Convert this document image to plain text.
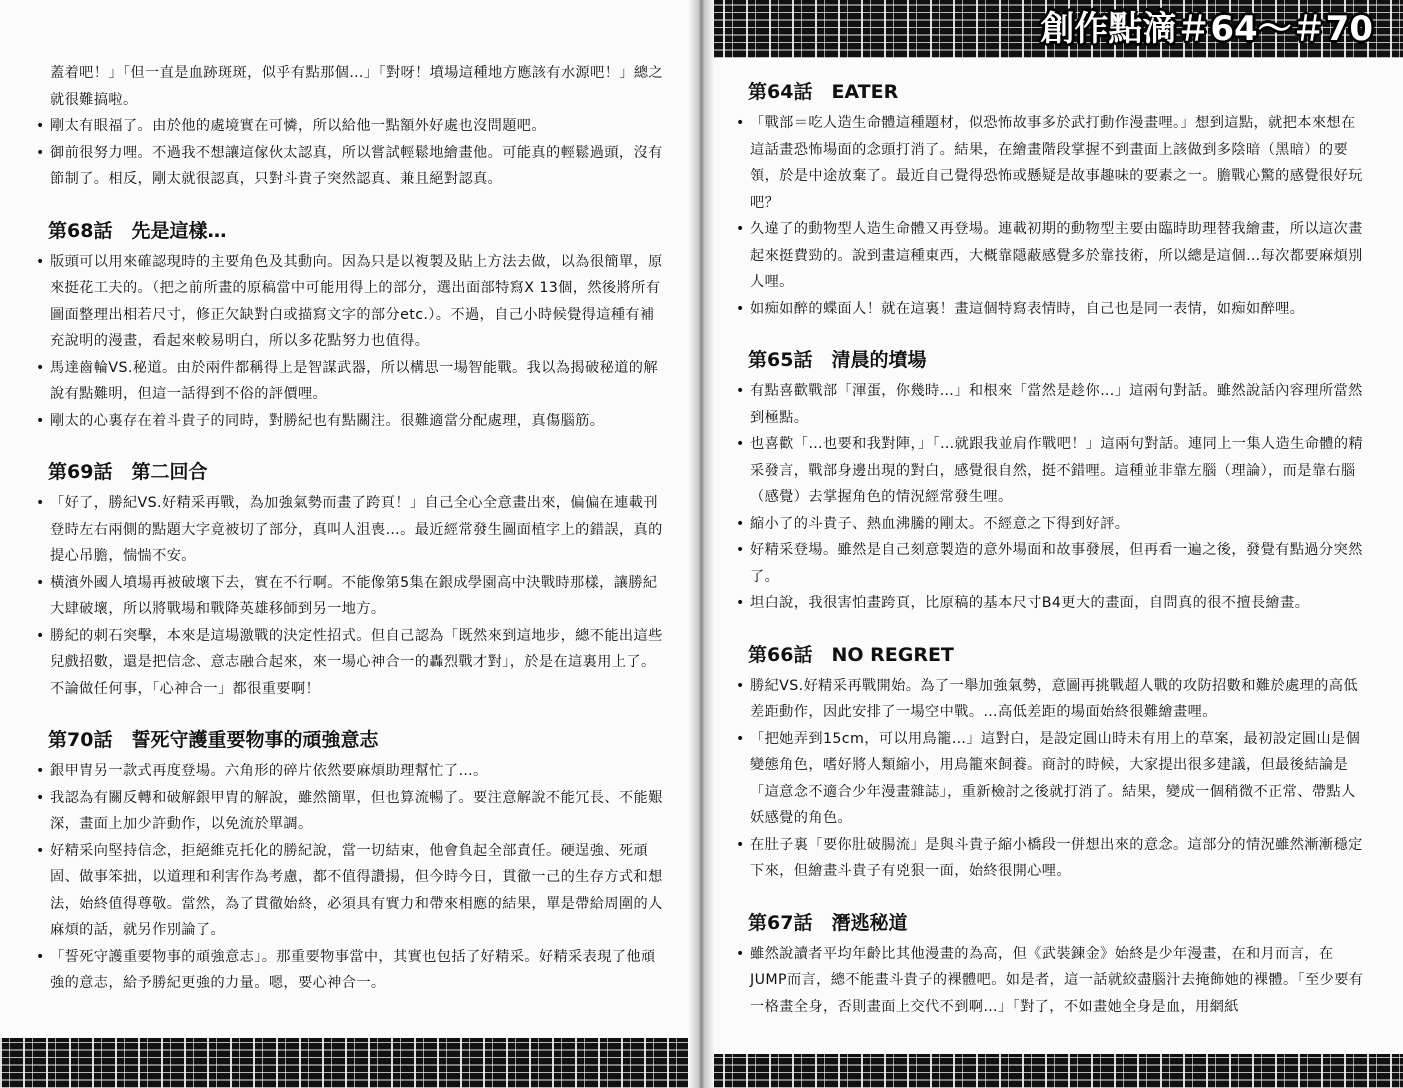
蓋着吧！」「但一直是血跡斑斑，似乎有點那個…」「對呀！墳場這種地方應該有水源吧！」總之就很難搞啦。
• 剛太有眼福了。由於他的處境實在可憐，所以給他一點額外好處也沒問題吧。
• 御前很努力哩。不過我不想讓這傢伙太認真，所以嘗試輕鬆地繪畫他。可能真的輕鬆過頭，沒有節制了。相反，剛太就很認真，只對斗貴子突然認真、兼且絕對認真。
第68話　先是這樣…
• 版頭可以用來確認現時的主要角色及其動向。因為只是以複製及貼上方法去做，以為很簡單，原來挺花工夫的。（把之前所畫的原稿當中可能用得上的部分，選出面部特寫X 13個，然後將所有圖面整理出相若尺寸，修正欠缺對白或描寫文字的部分etc.）。不過，自己小時候覺得這種有補充說明的漫畫，看起來較易明白，所以多花點努力也值得。
• 馬達齒輪VS.秘道。由於兩件都稱得上是智謀武器，所以構思一場智能戰。我以為揭破秘道的解說有點難明，但這一話得到不俗的評價哩。
• 剛太的心裏存在着斗貴子的同時，對勝紀也有點關注。很難適當分配處理，真傷腦筋。
第69話　第二回合
• 「好了，勝紀VS.好精采再戰，為加強氣勢而畫了跨頁！」自己全心全意畫出來，偏偏在連載刊登時左右兩側的點題大字竟被切了部分，真叫人沮喪…。最近經常發生圖面植字上的錯誤，真的提心吊膽，惴惴不安。
• 橫濱外國人墳場再被破壞下去，實在不行啊。不能像第5集在銀成學園高中決戰時那樣，讓勝紀大肆破壞，所以將戰場和戰降英雄移師到另一地方。
• 勝紀的刺石突擊，本來是這場激戰的決定性招式。但自己認為「既然來到這地步，總不能出這些兒戲招數，還是把信念、意志融合起來，來一場心神合一的轟烈戰才對」，於是在這裏用上了。不論做任何事，「心神合一」都很重要啊！
第70話　誓死守護重要物事的頑強意志
• 銀甲胄另一款式再度登場。六角形的碎片依然要麻煩助理幫忙了…。
• 我認為有關反轉和破解銀甲胄的解說，雖然簡單，但也算流暢了。要注意解說不能冗長、不能艱深，畫面上加少許動作，以免流於單調。
• 好精采向堅持信念，拒絕維克托化的勝紀說，當一切結束，他會負起全部責任。硬逞強、死頑固、做事笨拙，以道理和利害作為考慮，都不值得讚揚，但今時今日，貫徹一己的生存方式和想法，始終值得尊敬。當然，為了貫徹始終，必須具有實力和帶來相應的結果，單是帶給周圍的人麻煩的話，就另作別論了。
• 「誓死守護重要物事的頑強意志」。那重要物事當中，其實也包括了好精采。好精采表現了他頑強的意志，給予勝紀更強的力量。嗯，要心神合一。
創作點滴＃64〜＃70
第64話　EATER
• 「戰部＝吃人造生命體這種題材，似恐怖故事多於武打動作漫畫哩。」想到這點，就把本來想在這話畫恐怖場面的念頭打消了。結果，在繪畫階段掌握不到畫面上該做到多陰暗（黑暗）的要領，於是中途放棄了。最近自己覺得恐怖或懸疑是故事趣味的要素之一。膽戰心驚的感覺很好玩吧？
• 久違了的動物型人造生命體又再登場。連載初期的動物型主要由臨時助理替我繪畫，所以這次畫起來挺費勁的。說到畫這種東西，大概靠隱蔽感覺多於靠技術，所以總是這個…每次都要麻煩別人哩。
• 如痴如醉的蝶面人！就在這裏！畫這個特寫表情時，自己也是同一表情，如痴如醉哩。
第65話　清晨的墳場
• 有點喜歡戰部「渾蛋，你幾時…」和根來「當然是趁你…」這兩句對話。雖然說話內容理所當然到極點。
• 也喜歡「…也要和我對陣，」「…就跟我並肩作戰吧！」這兩句對話。連同上一集人造生命體的精采發言，戰部身邊出現的對白，感覺很自然，挺不錯哩。這種並非靠左腦（理論），而是靠右腦（感覺）去掌握角色的情況經常發生哩。
• 縮小了的斗貴子、熱血沸騰的剛太。不經意之下得到好評。
• 好精采登場。雖然是自己刻意製造的意外場面和故事發展，但再看一遍之後，發覺有點過分突然了。
• 坦白說，我很害怕畫跨頁，比原稿的基本尺寸B4更大的畫面，自問真的很不擅長繪畫。
第66話　NO REGRET
• 勝紀VS.好精采再戰開始。為了一舉加強氣勢，意圖再挑戰超人戰的攻防招數和難於處理的高低差距動作，因此安排了一場空中戰。…高低差距的場面始終很難繪畫哩。
• 「把她弄到15cm，可以用鳥籠…」這對白，是設定圓山時未有用上的草案，最初設定圓山是個變態角色，嗜好將人類縮小，用鳥籠來飼養。商討的時候，大家提出很多建議，但最後結論是「這意念不適合少年漫畫雜誌」，重新檢討之後就打消了。結果，變成一個稍微不正常、帶點人妖感覺的角色。
• 在肚子裏「要你肚破腸流」是與斗貴子縮小橋段一併想出來的意念。這部分的情況雖然漸漸穩定下來，但繪畫斗貴子有兇狠一面，始終很開心哩。
第67話　潛逃秘道
• 雖然說讀者平均年齡比其他漫畫的為高，但《武裝鍊金》始終是少年漫畫，在和月而言，在JUMP而言，總不能畫斗貴子的裸體吧。如是者，這一話就絞盡腦汁去掩飾她的裸體。「至少要有一格畫全身，否則畫面上交代不到啊…」「對了，不如畫她全身是血，用網紙
